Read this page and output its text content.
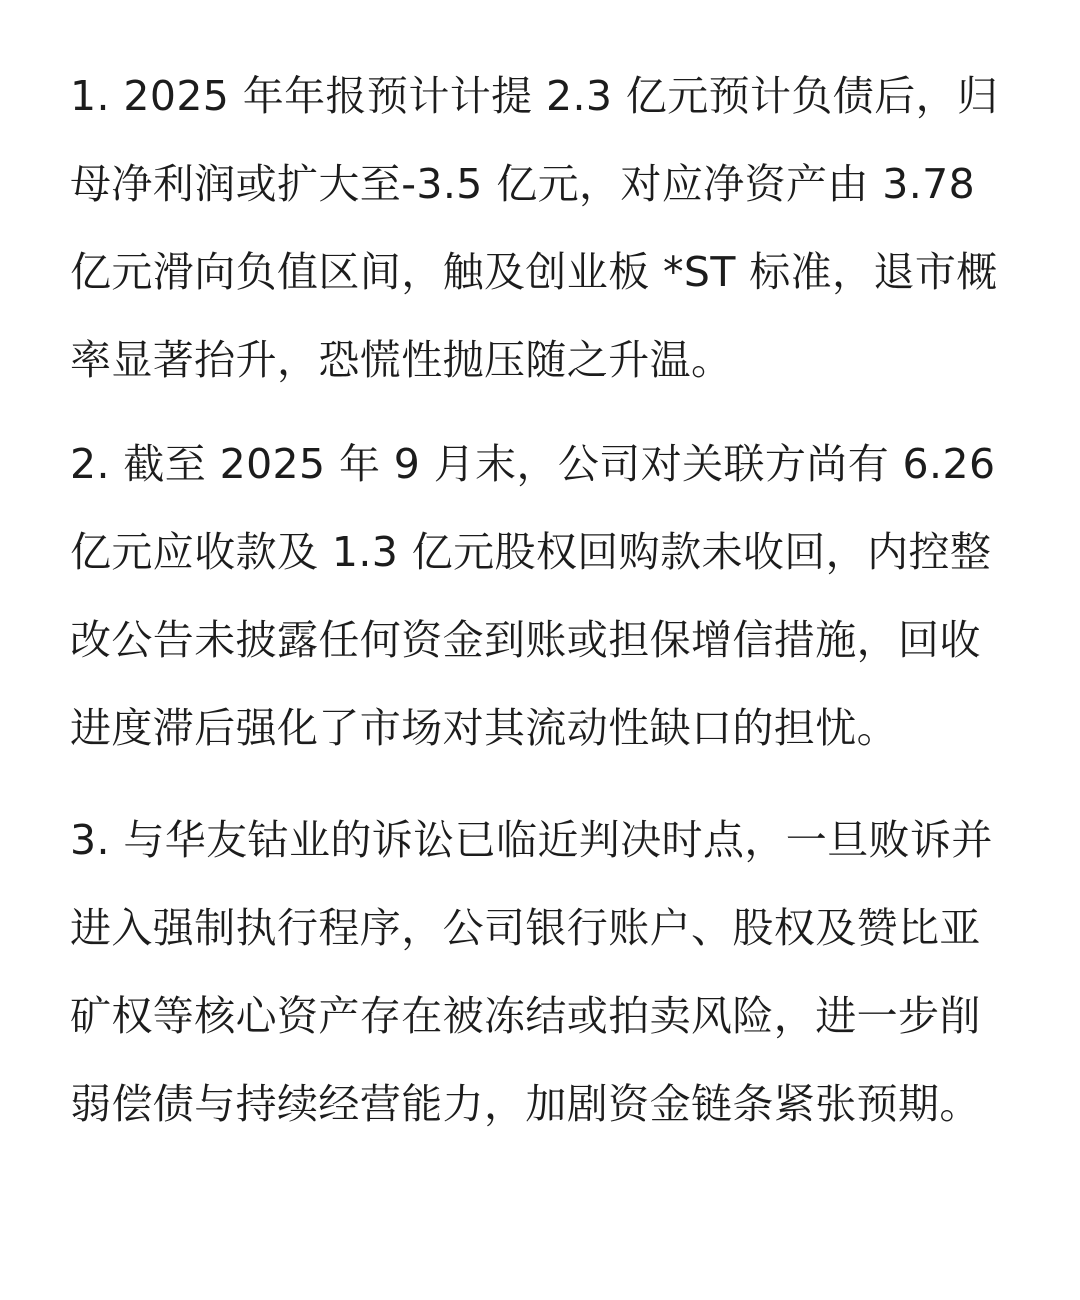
1. 2025 年年报预计计提 2.3 亿元预计负债后，归母净利润或扩大至-3.5 亿元，对应净资产由 3.78 亿元滑向负值区间，触及创业板 *ST 标准，退市概率显著抬升，恐慌性抛压随之升温。

2. 截至 2025 年 9 月末，公司对关联方尚有 6.26 亿元应收款及 1.3 亿元股权回购款未收回，内控整改公告未披露任何资金到账或担保增信措施，回收进度滞后强化了市场对其流动性缺口的担忧。

3. 与华友钴业的诉讼已临近判决时点，一旦败诉并进入强制执行程序，公司银行账户、股权及赞比亚矿权等核心资产存在被冻结或拍卖风险，进一步削弱偿债与持续经营能力，加剧资金链条紧张预期。
